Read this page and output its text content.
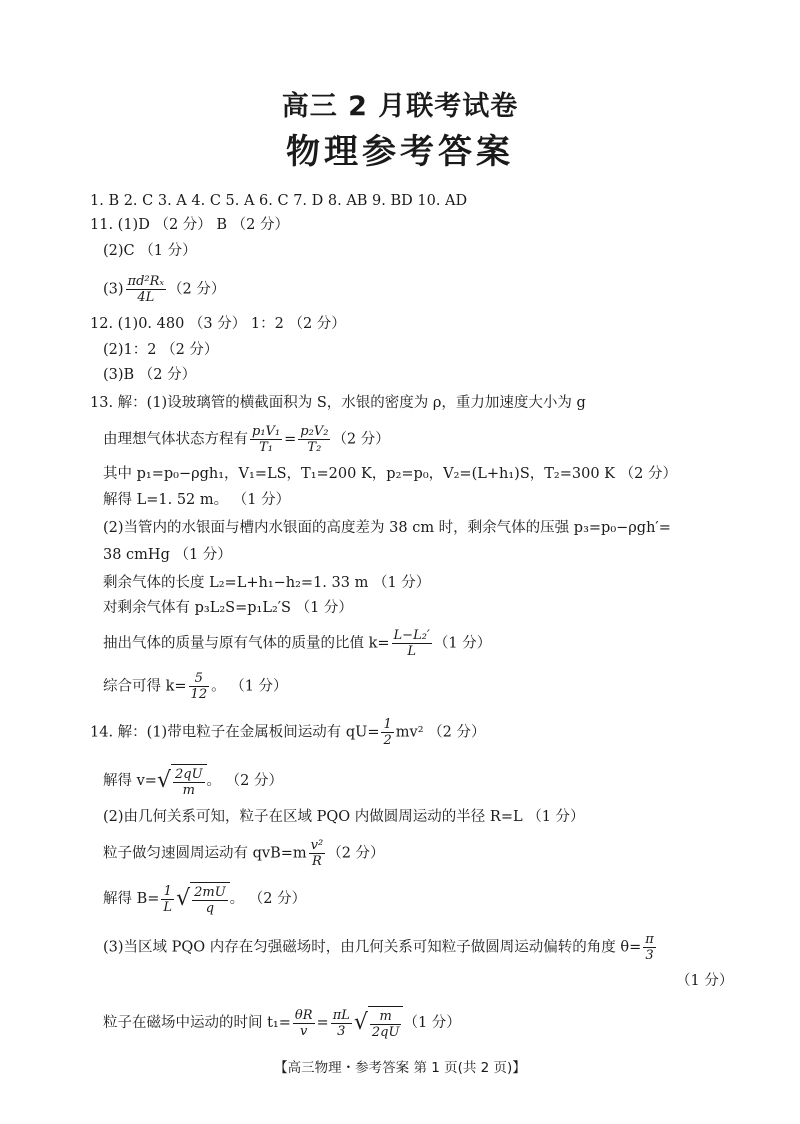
高三 2 月联考试卷
物理参考答案
1. B 2. C 3. A 4. C 5. A 6. C 7. D 8. AB 9. BD 10. AD
11. (1)D （2 分） B （2 分）
(2)C （1 分）
$(3) \frac{\text{πd²Rₓ}}{4L} (2$ 分）
12. (1)0. 480 （3 分） 1：2 （2 分）
(2)1：2 （2 分）
(3)B （2 分）
13. 解：(1)设玻璃管的横截面积为 S，水银的密度为 ρ，重力加速度大小为 g
由理想气体状态方程有 $\frac{\text{p₁V₁}}{\text{T₁}} = \frac{\text{p₂V₂}}{\text{T₂}} (2$ 分）
其中 p₁=p₀−ρgh₁，V₁=LS，T₁=200 K，p₂=p₀，V₂=(L+h₁)S，T₂=300 K （2 分）
解得 L=1. 52 m。 （1 分）
(2)当管内的水银面与槽内水银面的高度差为 38 cm 时，剩余气体的压强 p₃=p₀−ρgh′=
38 cmHg （1 分）
剩余气体的长度 L₂=L+h₁−h₂=1. 33 m （1 分）
对剩余气体有 p₃L₂S=p₁L₂′S （1 分）
抽出气体的质量与原有气体的质量的比值 $k= \frac{\text{L−L₂′}}{L} (1$ 分）
综合可得 $k= \frac{5}{12}$ 。 （1 分）
14. 解：(1)带电粒子在金属板间运动有 $qU= \frac{1}{2} mv^2$ （2 分）
解得 $v=√ \frac{2qU}{m}$ 。 （2 分）
(2)由几何关系可知，粒子在区域 PQO 内做圆周运动的半径 R=L （1 分）
粒子做匀速圆周运动有 $qvB=m \frac{\text{v²}}{R} (2$ 分）
解得 $B= \frac{1}{L}$ √ $\frac{2mU}{q}$ 。 （2 分）
(3)当区域 PQO 内存在匀强磁场时，由几何关系可知粒子做圆周运动偏转的角度 $\theta= \frac{\pi}{3}$
（1 分）
粒子在磁场中运动的时间 $t_1= \frac{\theta R}{v} = \frac{\pi L}{3}$ √ $\frac{m}{2qU} (1$ 分）
【高三物理・参考答案 第 1 页(共 2 页)】
